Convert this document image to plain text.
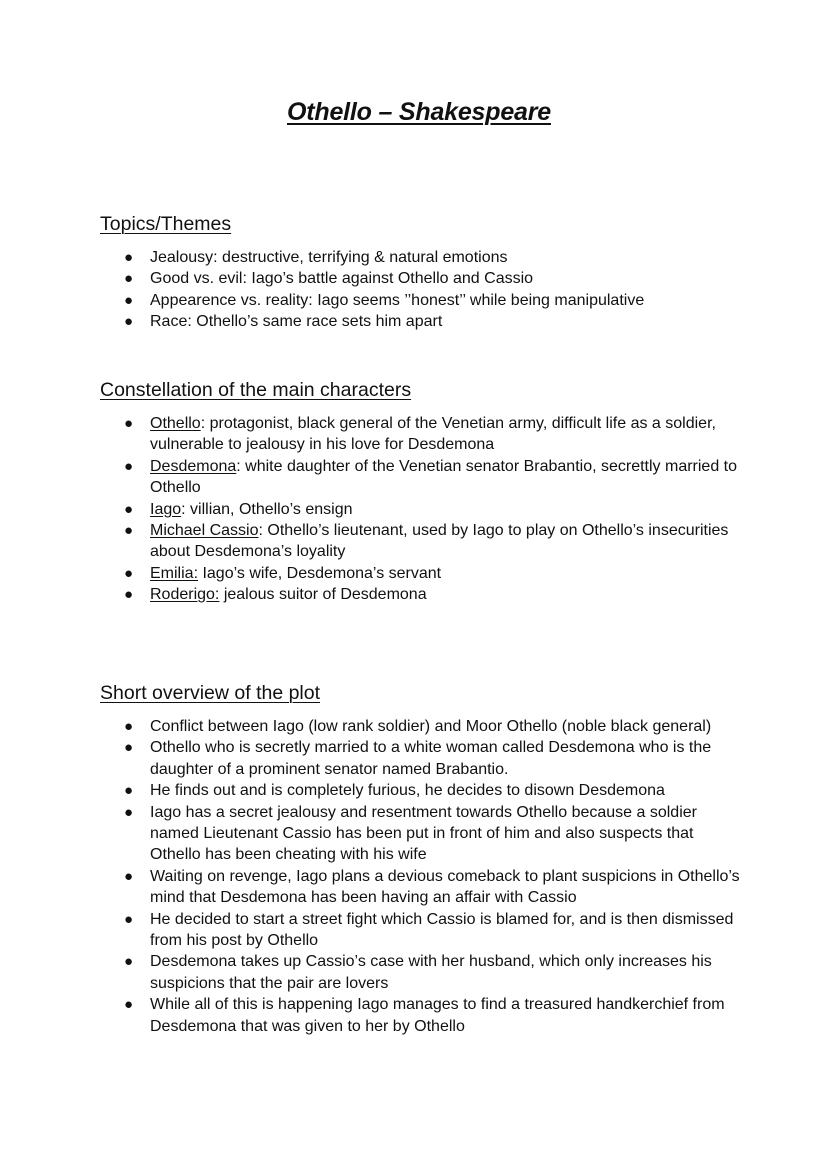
Othello – Shakespeare
Topics/Themes
● Jealousy: destructive, terrifying & natural emotions
● Good vs. evil: Iago’s battle against Othello and Cassio
● Appearence vs. reality: Iago seems ’’honest’’ while being manipulative
● Race: Othello’s same race sets him apart
Constellation of the main characters
● Othello: protagonist, black general of the Venetian army, difficult life as a soldier, vulnerable to jealousy in his love for Desdemona
● Desdemona: white daughter of the Venetian senator Brabantio, secrettly married to Othello
● Iago: villian, Othello’s ensign
● Michael Cassio: Othello’s lieutenant, used by Iago to play on Othello’s insecurities about Desdemona’s loyality
● Emilia: Iago’s wife, Desdemona’s servant
● Roderigo: jealous suitor of Desdemona
Short overview of the plot
● Conflict between Iago (low rank soldier) and Moor Othello (noble black general)
● Othello who is secretly married to a white woman called Desdemona who is the daughter of a prominent senator named Brabantio.
● He finds out and is completely furious, he decides to disown Desdemona
● Iago has a secret jealousy and resentment towards Othello because a soldier named Lieutenant Cassio has been put in front of him and also suspects that Othello has been cheating with his wife
● Waiting on revenge, Iago plans a devious comeback to plant suspicions in Othello’s mind that Desdemona has been having an affair with Cassio
● He decided to start a street fight which Cassio is blamed for, and is then dismissed from his post by Othello
● Desdemona takes up Cassio’s case with her husband, which only increases his suspicions that the pair are lovers
● While all of this is happening Iago manages to find a treasured handkerchief from Desdemona that was given to her by Othello
